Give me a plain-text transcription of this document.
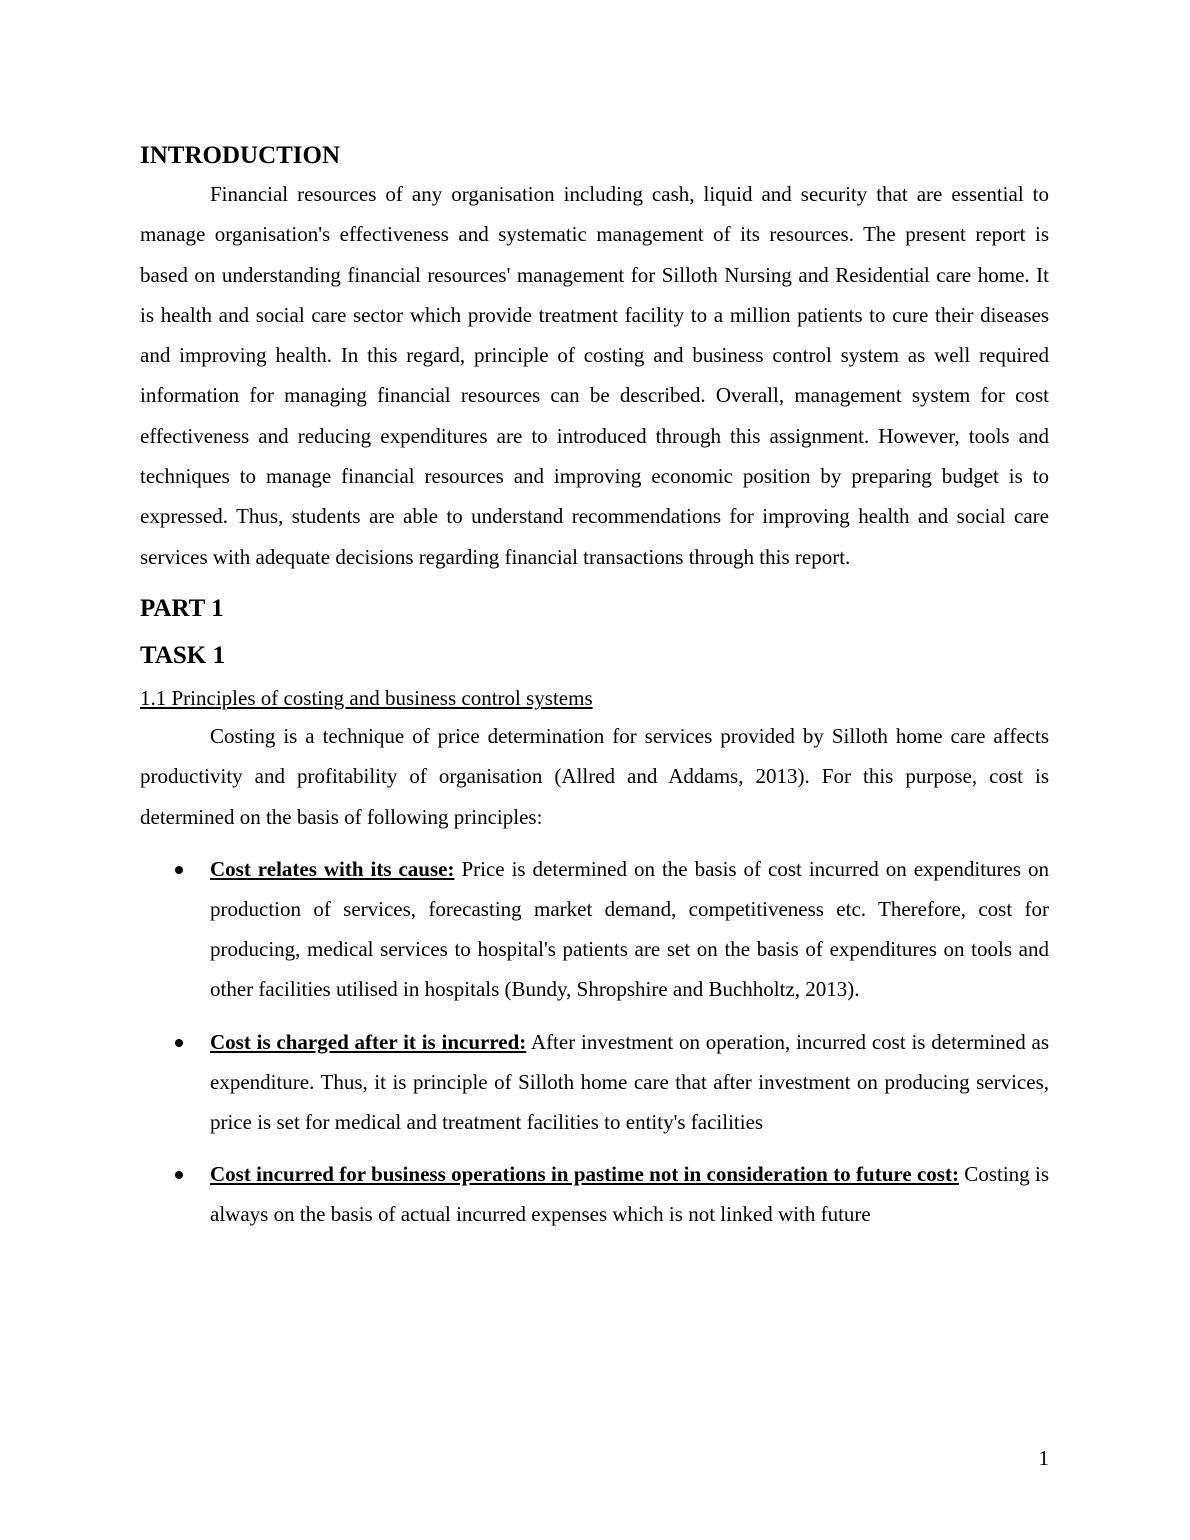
INTRODUCTION

Financial resources of any organisation including cash, liquid and security that are essential to manage organisation's effectiveness and systematic management of its resources. The present report is based on understanding financial resources' management for Silloth Nursing and Residential care home. It is health and social care sector which provide treatment facility to a million patients to cure their diseases and improving health. In this regard, principle of costing and business control system as well required information for managing financial resources can be described. Overall, management system for cost effectiveness and reducing expenditures are to introduced through this assignment. However, tools and techniques to manage financial resources and improving economic position by preparing budget is to expressed. Thus, students are able to understand recommendations for improving health and social care services with adequate decisions regarding financial transactions through this report.

PART 1
TASK 1
1.1 Principles of costing and business control systems

Costing is a technique of price determination for services provided by Silloth home care affects productivity and profitability of organisation (Allred and Addams, 2013). For this purpose, cost is determined on the basis of following principles:

Cost relates with its cause: Price is determined on the basis of cost incurred on expenditures on production of services, forecasting market demand, competitiveness etc. Therefore, cost for producing, medical services to hospital's patients are set on the basis of expenditures on tools and other facilities utilised in hospitals (Bundy, Shropshire and Buchholtz, 2013).
Cost is charged after it is incurred: After investment on operation, incurred cost is determined as expenditure. Thus, it is principle of Silloth home care that after investment on producing services, price is set for medical and treatment facilities to entity's facilities
Cost incurred for business operations in pastime not in consideration to future cost: Costing is always on the basis of actual incurred expenses which is not linked with future
1
